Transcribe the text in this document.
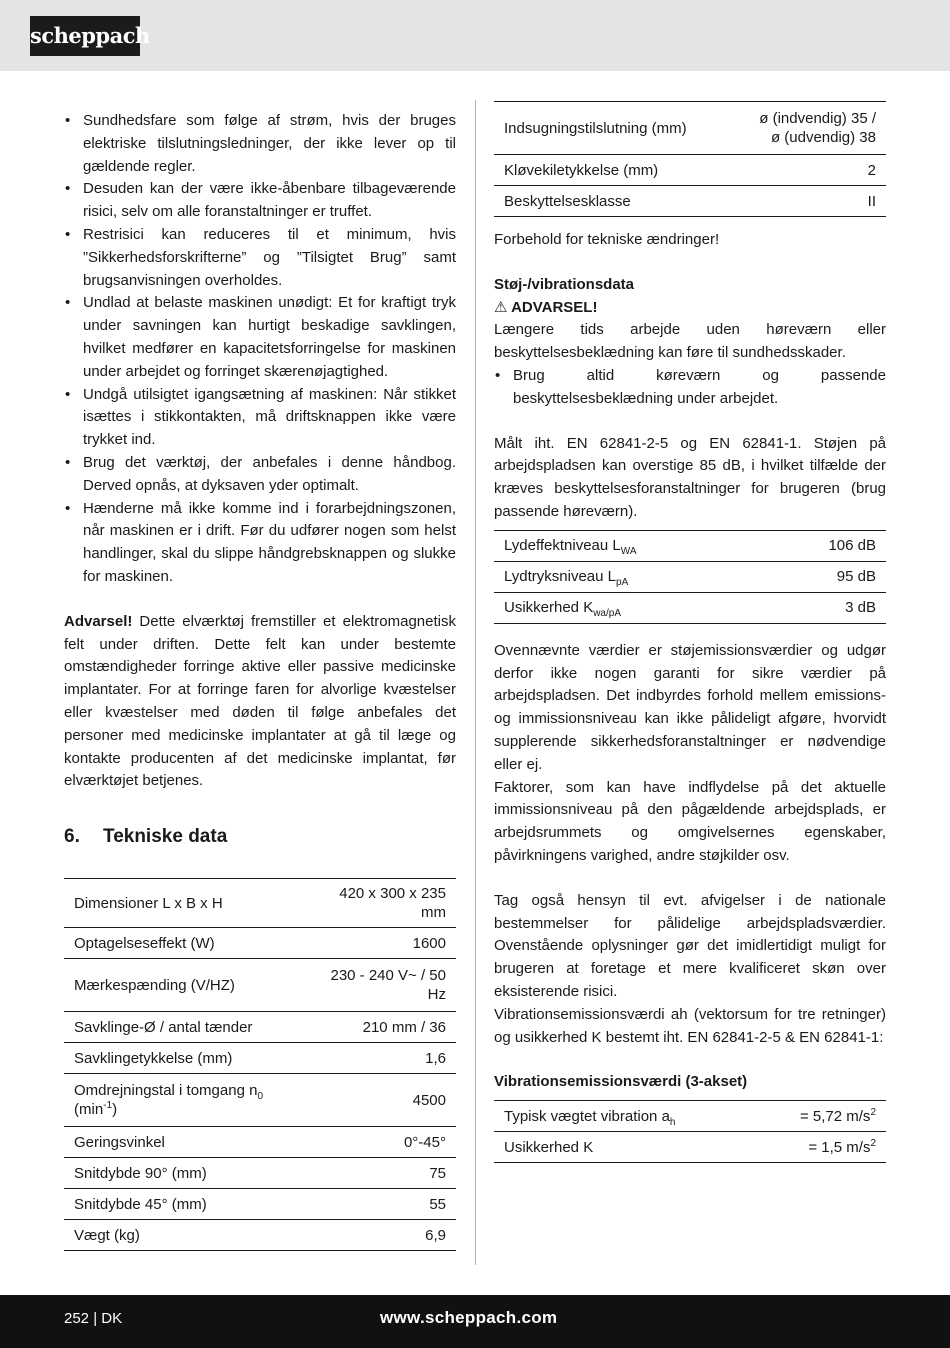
scheppach
• Sundhedsfare som følge af strøm, hvis der bruges elektriske tilslutningsledninger, der ikke lever op til gældende regler.
• Desuden kan der være ikke-åbenbare tilbageværende risici, selv om alle foranstaltninger er truffet.
• Restrisici kan reduceres til et minimum, hvis ”Sikkerhedsforskrifterne” og ”Tilsigtet Brug” samt brugsanvisningen overholdes.
• Undlad at belaste maskinen unødigt: Et for kraftigt tryk under savningen kan hurtigt beskadige savklingen, hvilket medfører en kapacitetsforringelse for maskinen under arbejdet og forringet skærenøjagtighed.
• Undgå utilsigtet igangsætning af maskinen: Når stikket isættes i stikkontakten, må driftsknappen ikke være trykket ind.
• Brug det værktøj, der anbefales i denne håndbog. Derved opnås, at dyksaven yder optimalt.
• Hænderne må ikke komme ind i forarbejdningszonen, når maskinen er i drift. Før du udfører nogen som helst handlinger, skal du slippe håndgrebsknappen og slukke for maskinen.

Advarsel! Dette elværktøj fremstiller et elektromagnetisk felt under driften. Dette felt kan under bestemte omstændigheder forringe aktive eller passive medicinske implantater. For at forringe faren for alvorlige kvæstelser eller kvæstelser med døden til følge anbefales det personer med medicinske implantater at gå til læge og kontakte producenten af det medicinske implantat, før elværktøjet betjenes.

6. Tekniske data
Dimensioner L x B x H	420 x 300 x 235 mm
Optagelseseffekt (W)	1600
Mærkespænding (V/HZ)	230 - 240 V~ / 50 Hz
Savklinge-Ø / antal tænder	210 mm / 36
Savklingetykkelse (mm)	1,6
Omdrejningstal i tomgang $n_0$
$(\min^{-1})$	4500
Geringsvinkel	0°-45°
Snitdybde 90° (mm)	75
Snitdybde 45° (mm)	55
Vægt (kg)	6,9
Indsugningstilslutning (mm)	ø (indvendig) 35 /
ø (udvendig) 38
Kløvekiletykkelse (mm)	2
Beskyttelsesklasse	II

Forbehold for tekniske ændringer!

Støj-/vibrationsdata

⚠ ADVARSEL!

Længere tids arbejde uden høreværn eller beskyttelsesbeklædning kan føre til sundhedsskader.

• Brug altid køreværn og passende beskyttelsesbeklædning under arbejdet.

Målt iht. EN 62841-2-5 og EN 62841-1. Støjen på arbejdspladsen kan overstige 85 dB, i hvilket tilfælde der kræves beskyttelsesforanstaltninger for brugeren (brug passende høreværn).

Lydeffektniveau $L_{WA}$	106 dB
Lydtryksniveau $L_{pA}$	95 dB
Usikkerhed $K_{wa/pA}$	3 dB

Ovennævnte værdier er støjemissionsværdier og udgør derfor ikke nogen garanti for sikre værdier på arbejdspladsen. Det indbyrdes forhold mellem emissions- og immissionsniveau kan ikke pålideligt afgøre, hvorvidt supplerende sikkerhedsforanstaltninger er nødvendige eller ej.

Faktorer, som kan have indflydelse på det aktuelle immissionsniveau på den pågældende arbejdsplads, er arbejdsrummets og omgivelsernes egenskaber, påvirkningens varighed, andre støjkilder osv.

Tag også hensyn til evt. afvigelser i de nationale bestemmelser for pålidelige arbejdspladsværdier. Ovenstående oplysninger gør det imidlertidigt muligt for brugeren at foretage et mere kvalificeret skøn over eksisterende risici.

Vibrationsemissionsværdi ah (vektorsum for tre retninger) og usikkerhed K bestemt iht. EN 62841-2-5 & EN 62841-1:

Vibrationsemissionsværdi (3-akset)

Typisk vægtet vibration $a_h$	= 5,72 $m/s^2$
Usikkerhed K	= 1,5 $m/s^2$
252 | DK	www.scheppach.com
